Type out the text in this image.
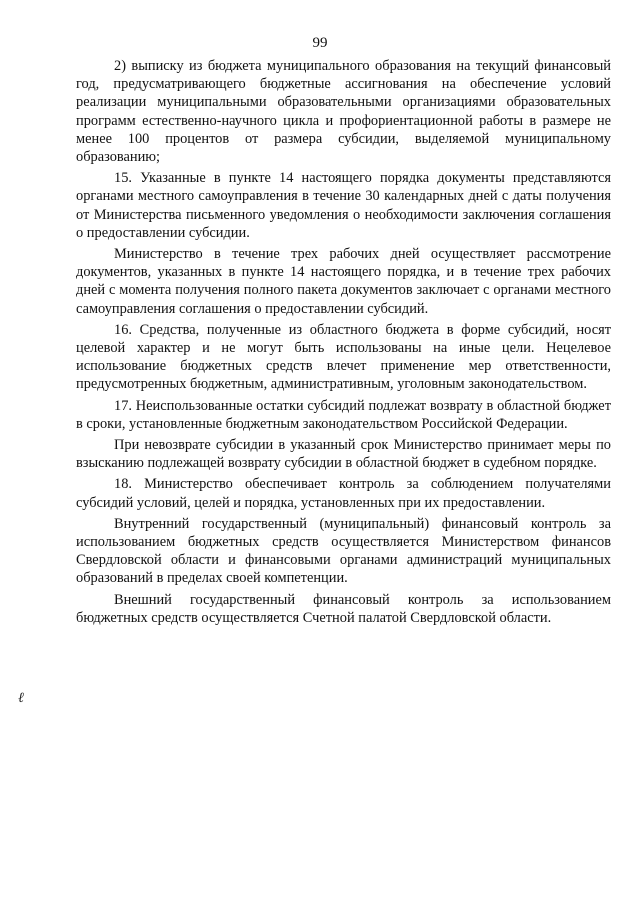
99

2) выписку из бюджета муниципального образования на текущий финансовый год, предусматривающего бюджетные ассигнования на обеспечение условий реализации муниципальными образовательными организациями образовательных программ естественно-научного цикла и профориентационной работы в размере не менее 100 процентов от размера субсидии, выделяемой муниципальному образованию;

15. Указанные в пункте 14 настоящего порядка документы представляются органами местного самоуправления в течение 30 календарных дней с даты получения от Министерства письменного уведомления о необходимости заключения соглашения о предоставлении субсидии.

Министерство в течение трех рабочих дней осуществляет рассмотрение документов, указанных в пункте 14 настоящего порядка, и в течение трех рабочих дней с момента получения полного пакета документов заключает с органами местного самоуправления соглашения о предоставлении субсидий.

16. Средства, полученные из областного бюджета в форме субсидий, носят целевой характер и не могут быть использованы на иные цели. Нецелевое использование бюджетных средств влечет применение мер ответственности, предусмотренных бюджетным, административным, уголовным законодательством.

17. Неиспользованные остатки субсидий подлежат возврату в областной бюджет в сроки, установленные бюджетным законодательством Российской Федерации.

При невозврате субсидии в указанный срок Министерство принимает меры по взысканию подлежащей возврату субсидии в областной бюджет в судебном порядке.

18. Министерство обеспечивает контроль за соблюдением получателями субсидий условий, целей и порядка, установленных при их предоставлении.

Внутренний государственный (муниципальный) финансовый контроль за использованием бюджетных средств осуществляется Министерством финансов Свердловской области и финансовыми органами администраций муниципальных образований в пределах своей компетенции.

Внешний государственный финансовый контроль за использованием бюджетных средств осуществляется Счетной палатой Свердловской области.

ℓ
